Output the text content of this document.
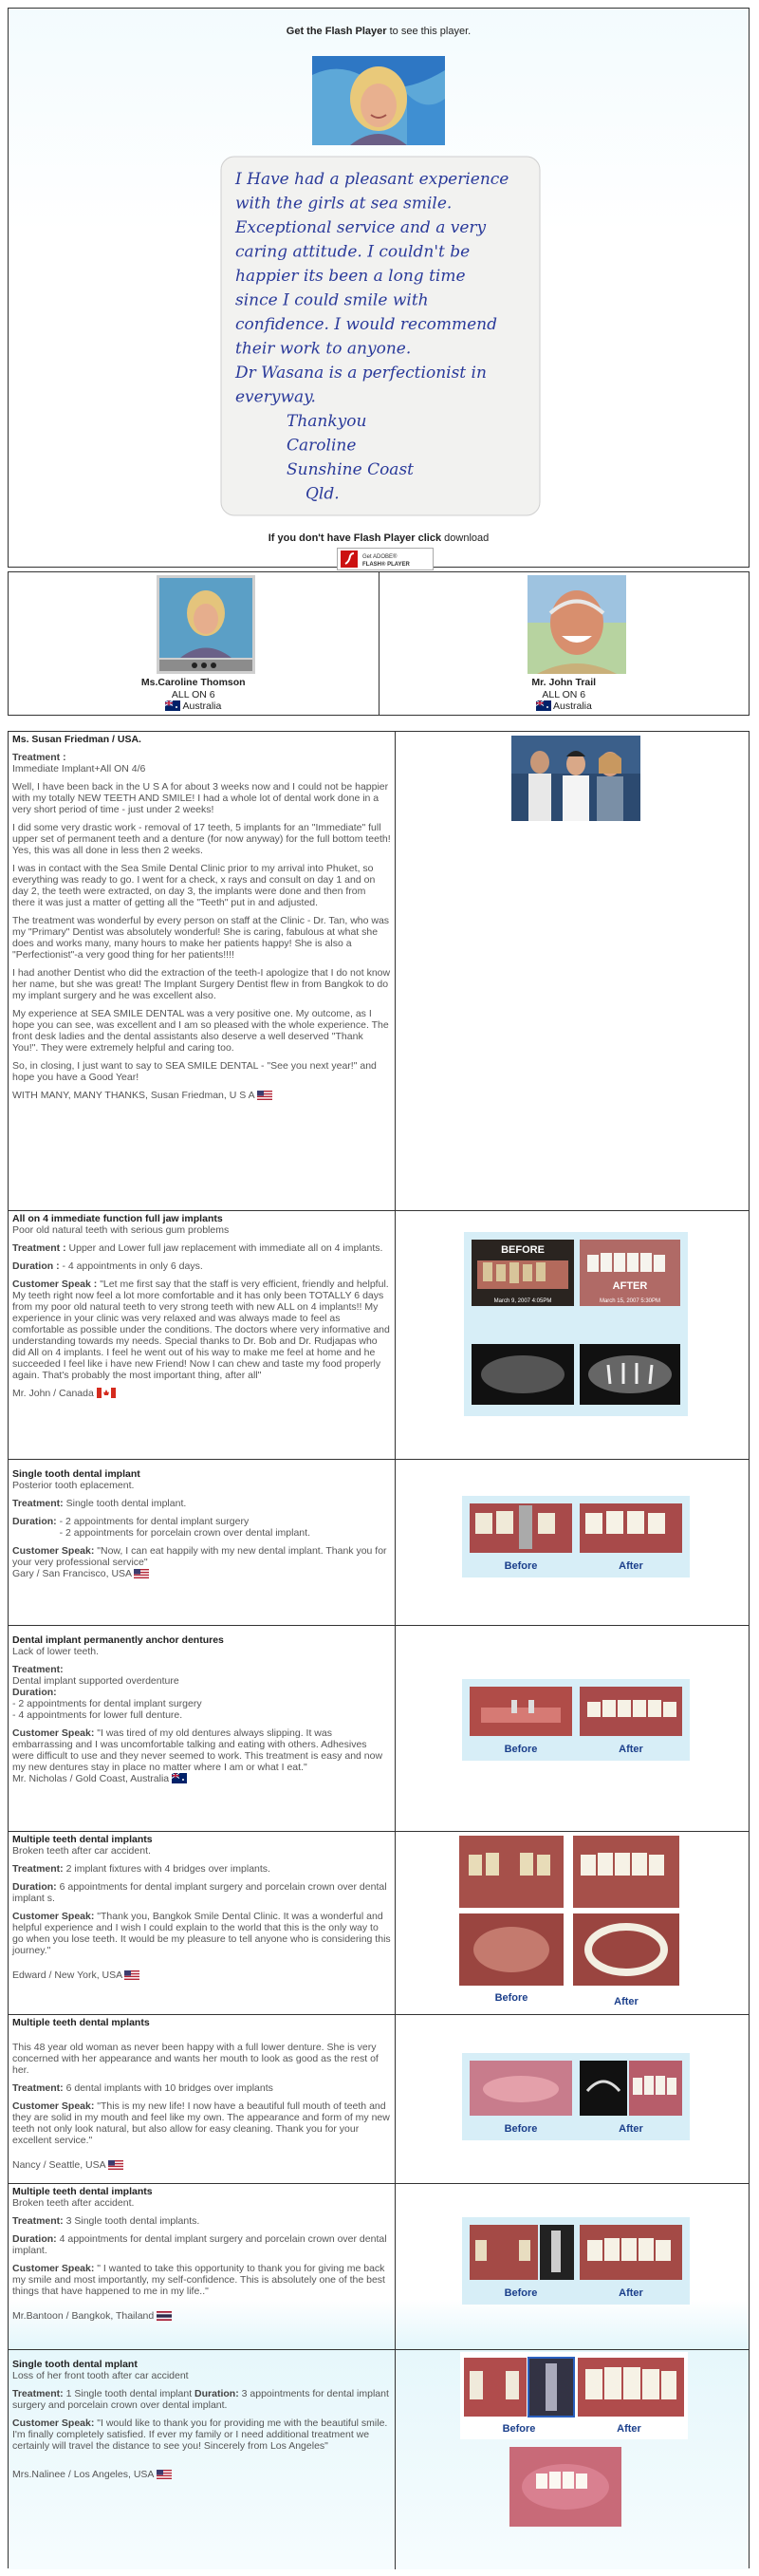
Get the Flash Player to see this player.
I Have had a pleasant experience
with the girls at sea smile.
Exceptional service and a very
caring attitude. I couldn't be
happier its been a long time
since I could smile with
confidence. I would recommend
their work to anyone.
Dr Wasana is a perfectionist in
everyway.
Thankyou
Caroline
Sunshine Coast
Qld.
If you don't have Flash Player click download
Get ADOBE®
FLASH® PLAYER
Ms.Caroline Thomson
ALL ON 6
Australia
Mr. John Trail
ALL ON 6
Australia
Ms. Susan Friedman / USA.
Treatment :
Immediate Implant+All ON 4/6
Well, I have been back in the U S A for about 3 weeks now and I could not be happier with my totally NEW TEETH AND SMILE! I had a whole lot of dental work done in a very short period of time - just under 2 weeks!
I did some very drastic work - removal of 17 teeth, 5 implants for an "Immediate" full upper set of permanent teeth and a denture (for now anyway) for the full bottom teeth! Yes, this was all done in less then 2 weeks.
I was in contact with the Sea Smile Dental Clinic prior to my arrival into Phuket, so everything was ready to go. I went for a check, x rays and consult on day 1 and on day 2, the teeth were extracted, on day 3, the implants were done and then from there it was just a matter of getting all the "Teeth" put in and adjusted.
The treatment was wonderful by every person on staff at the Clinic - Dr. Tan, who was my "Primary" Dentist was absolutely wonderful! She is caring, fabulous at what she does and works many, many hours to make her patients happy! She is also a "Perfectionist"-a very good thing for her patients!!!!
I had another Dentist who did the extraction of the teeth-I apologize that I do not know her name, but she was great! The Implant Surgery Dentist flew in from Bangkok to do my implant surgery and he was excellent also.
My experience at SEA SMILE DENTAL was a very positive one. My outcome, as I hope you can see, was excellent and I am so pleased with the whole experience. The front desk ladies and the dental assistants also deserve a well deserved "Thank You!". They were extremely helpful and caring too.
So, in closing, I just want to say to SEA SMILE DENTAL - "See you next year!" and hope you have a Good Year!
WITH MANY, MANY THANKS, Susan Friedman, U S A
All on 4 immediate function full jaw implants
Poor old natural teeth with serious gum problems
Treatment : Upper and Lower full jaw replacement with immediate all on 4 implants.
Duration : - 4 appointments in only 6 days.
Customer Speak : "Let me first say that the staff is very efficient, friendly and helpful. My teeth right now feel a lot more comfortable and it has only been TOTALLY 6 days from my poor old natural teeth to very strong teeth with new ALL on 4 implants!! My experience in your clinic was very relaxed and was always made to feel as comfortable as possible under the conditions. The doctors where very informative and understanding towards my needs. Special thanks to Dr. Bob and Dr. Rudjapas who did All on 4 implants. I feel he went out of his way to make me feel at home and he succeeded I feel like i have new Friend! Now I can chew and taste my food properly again. That's probably the most important thing, after all"
Mr. John / Canada
BEFORE
March 9, 2007 4:05PM
AFTER
March 15, 2007 5:30PM
Single tooth dental implant
Posterior tooth eplacement.
Treatment: Single tooth dental implant.
Duration:
- 2 appointments for dental implant surgery
- 2 appointments for porcelain crown over dental implant.
Customer Speak: "Now, I can eat happily with my new dental implant. Thank you for your very professional service"
Gary / San Francisco, USA
Before	After
Dental implant permanently anchor dentures
Lack of lower teeth.
Treatment:
Dental implant supported overdenture
Duration:
- 2 appointments for dental implant surgery
- 4 appointments for lower full denture.
Customer Speak: "I was tired of my old dentures always slipping. It was embarrassing and I was uncomfortable talking and eating with others. Adhesives were difficult to use and they never seemed to work. This treatment is easy and now my new dentures stay in place no matter where I am or what I eat."
Mr. Nicholas / Gold Coast, Australia
Before	After
Multiple teeth dental implants
Broken teeth after car accident.
Treatment: 2 implant fixtures with 4 bridges over implants.
Duration: 6 appointments for dental implant surgery and porcelain crown over dental implant s.
Customer Speak: "Thank you, Bangkok Smile Dental Clinic. It was a wonderful and helpful experience and I wish I could explain to the world that this is the only way to go when you lose teeth. It would be my pleasure to tell anyone who is considering this journey."
Edward / New York, USA
Before	After
Multiple teeth dental mplants
This 48 year old woman as never been happy with a full lower denture. She is very concerned with her appearance and wants her mouth to look as good as the rest of her.
Treatment: 6 dental implants with 10 bridges over implants
Customer Speak: "This is my new life! I now have a beautiful full mouth of teeth and they are solid in my mouth and feel like my own. The appearance and form of my new teeth not only look natural, but also allow for easy cleaning. Thank you for your excellent service."
Nancy / Seattle, USA
Before	After
Multiple teeth dental implants
Broken teeth after accident.
Treatment: 3 Single tooth dental implants.
Duration: 4 appointments for dental implant surgery and porcelain crown over dental implant.
Customer Speak: " I wanted to take this opportunity to thank you for giving me back my smile and most importantly, my self-confidence. This is absolutely one of the best things that have happened to me in my life.."
Mr.Bantoon / Bangkok, Thailand
Before	After
Single tooth dental mplant
Loss of her front tooth after car accident
Treatment: 1 Single tooth dental implant Duration: 3 appointments for dental implant surgery and porcelain crown over dental implant.
Customer Speak: "I would like to thank you for providing me with the beautiful smile. I'm finally completely satisfied. If ever my family or I need additional treatment we certainly will travel the distance to see you! Sincerely from Los Angeles"
Mrs.Nalinee / Los Angeles, USA
Before	After
